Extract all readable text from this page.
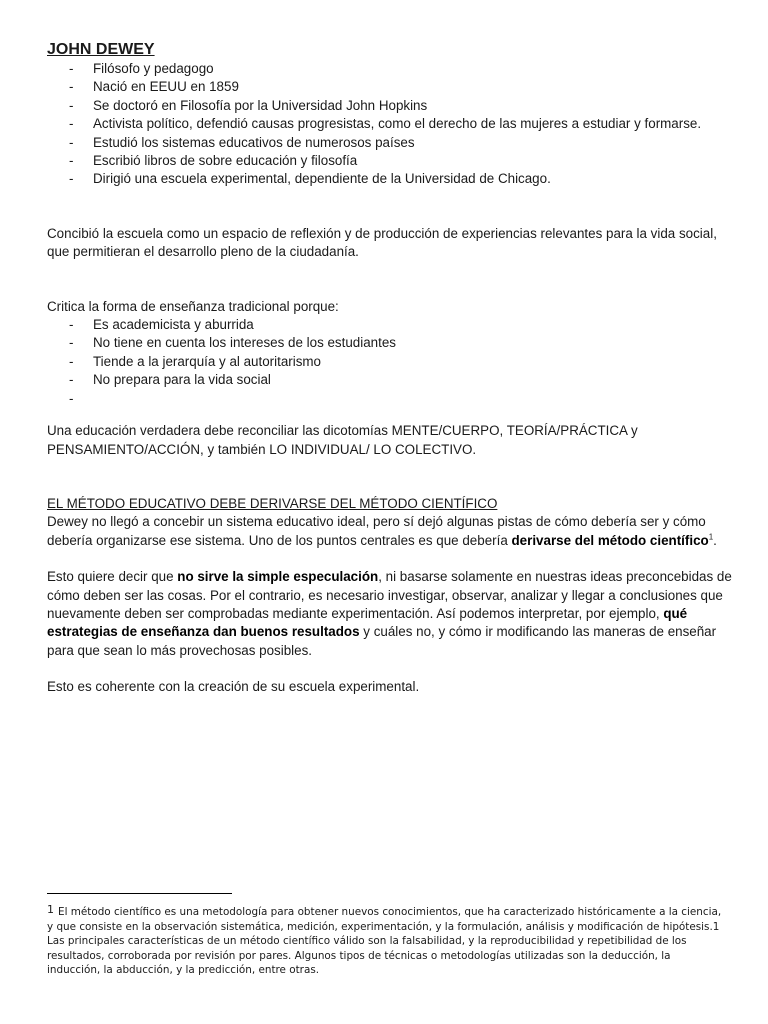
JOHN DEWEY
- Filósofo y pedagogo
- Nació en EEUU en 1859
- Se doctoró en Filosofía por la Universidad John Hopkins
- Activista político, defendió causas progresistas, como el derecho de las mujeres a estudiar y formarse.
- Estudió los sistemas educativos de numerosos países
- Escribió libros de sobre educación y filosofía
- Dirigió una escuela experimental, dependiente de la Universidad de Chicago.

Concibió la escuela como un espacio de reflexión y de producción de experiencias relevantes para la vida social, que permitieran el desarrollo pleno de la ciudadanía.

Critica la forma de enseñanza tradicional porque:

- Es academicista y aburrida
- No tiene en cuenta los intereses de los estudiantes
- Tiende a la jerarquía y al autoritarismo
- No prepara para la vida social
-

Una educación verdadera debe reconciliar las dicotomías MENTE/CUERPO, TEORÍA/PRÁCTICA y PENSAMIENTO/ACCIÓN, y también LO INDIVIDUAL/ LO COLECTIVO.

EL MÉTODO EDUCATIVO DEBE DERIVARSE DEL MÉTODO CIENTÍFICO

Dewey no llegó a concebir un sistema educativo ideal, pero sí dejó algunas pistas de cómo debería ser y cómo debería organizarse ese sistema. Uno de los puntos centrales es que debería derivarse del método científico$^1$.

Esto quiere decir que no sirve la simple especulación, ni basarse solamente en nuestras ideas preconcebidas de cómo deben ser las cosas. Por el contrario, es necesario investigar, observar, analizar y llegar a conclusiones que nuevamente deben ser comprobadas mediante experimentación. Así podemos interpretar, por ejemplo, qué estrategias de enseñanza dan buenos resultados y cuáles no, y cómo ir modificando las maneras de enseñar para que sean lo más provechosas posibles.

Esto es coherente con la creación de su escuela experimental.

1 El método científico es una metodología para obtener nuevos conocimientos, que ha caracterizado históricamente a la ciencia, y que consiste en la observación sistemática, medición, experimentación, y la formulación, análisis y modificación de hipótesis.1 Las principales características de un método científico válido son la falsabilidad, y la reproducibilidad y repetibilidad de los resultados, corroborada por revisión por pares. Algunos tipos de técnicas o metodologías utilizadas son la deducción, la inducción, la abducción, y la predicción, entre otras.
